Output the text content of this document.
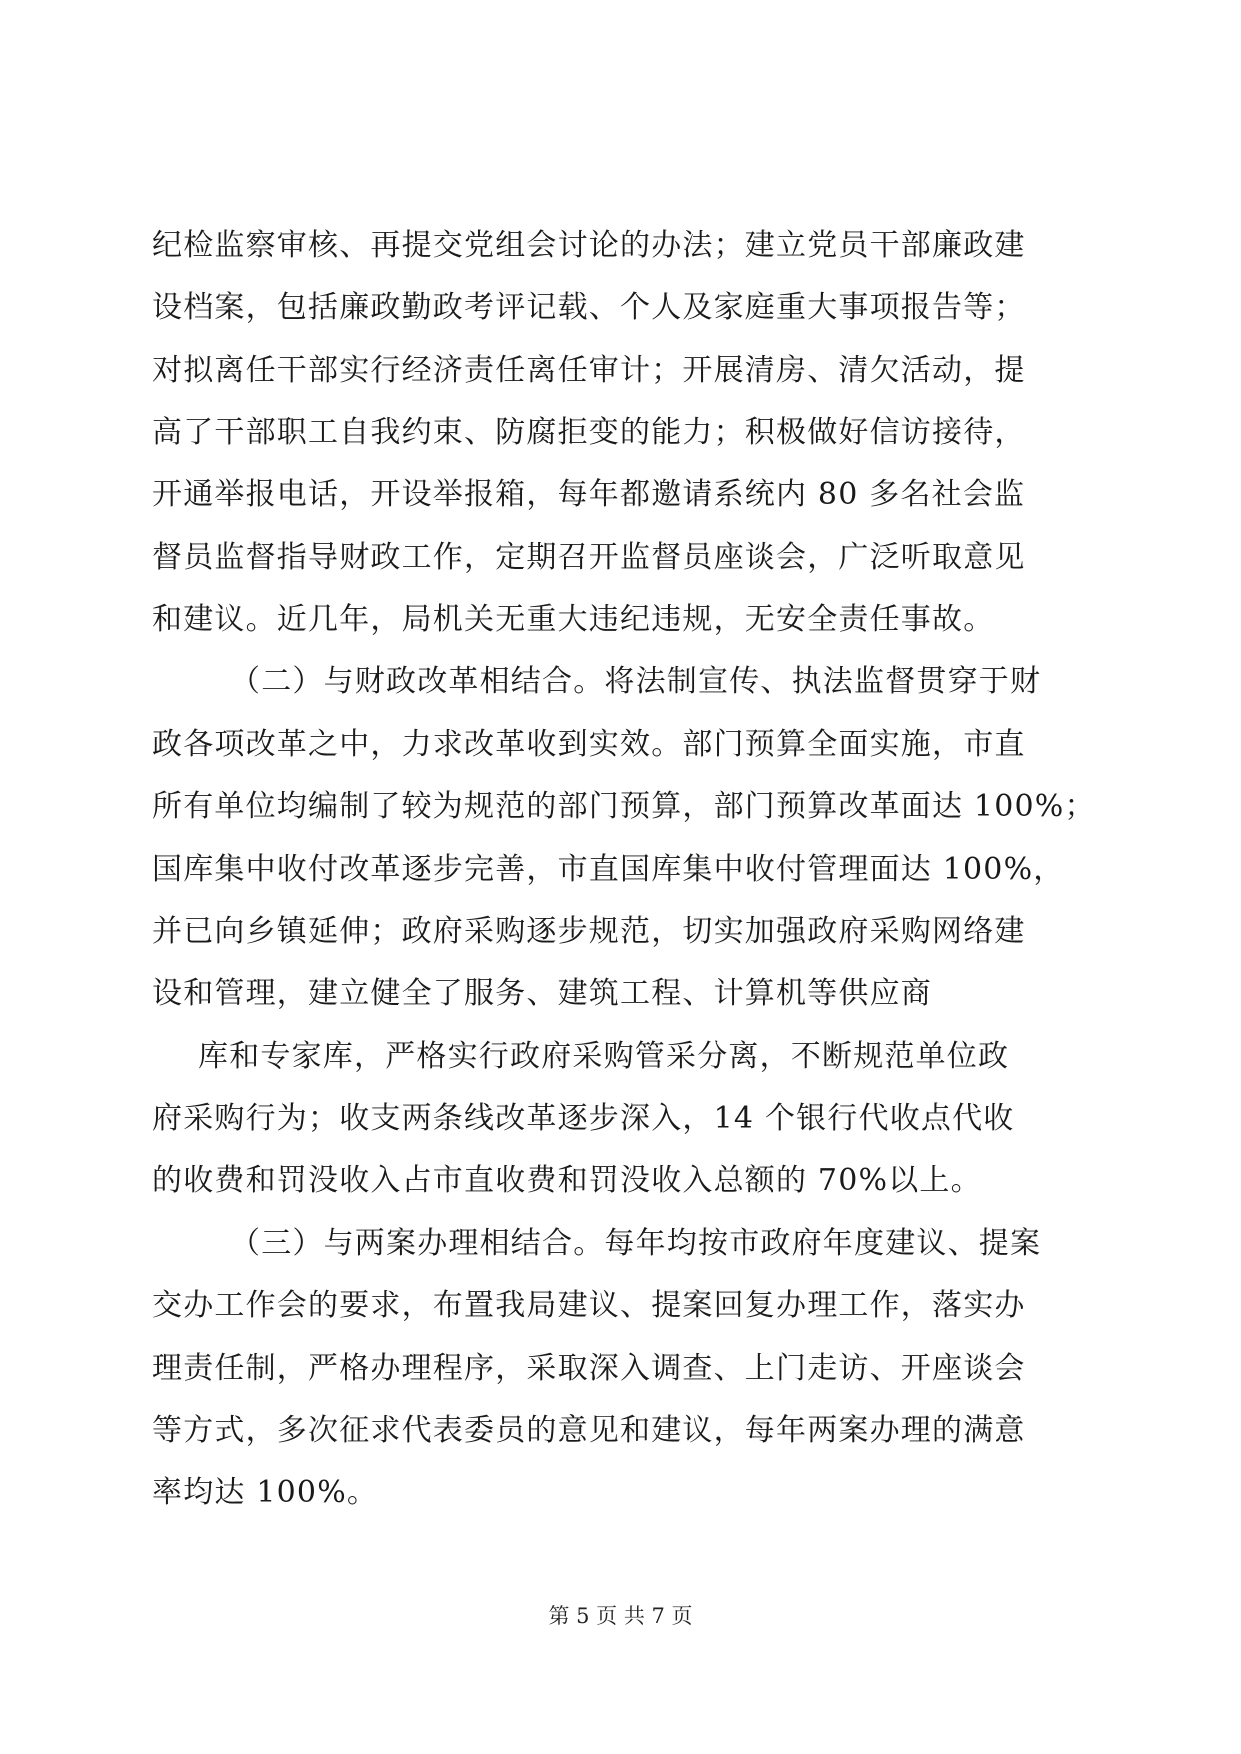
纪检监察审核、再提交党组会讨论的办法；建立党员干部廉政建
设档案，包括廉政勤政考评记载、个人及家庭重大事项报告等；
对拟离任干部实行经济责任离任审计；开展清房、清欠活动，提
高了干部职工自我约束、防腐拒变的能力；积极做好信访接待，
开通举报电话，开设举报箱，每年都邀请系统内 80 多名社会监
督员监督指导财政工作，定期召开监督员座谈会，广泛听取意见
和建议。近几年，局机关无重大违纪违规，无安全责任事故。
（二）与财政改革相结合。将法制宣传、执法监督贯穿于财
政各项改革之中，力求改革收到实效。部门预算全面实施，市直
所有单位均编制了较为规范的部门预算，部门预算改革面达 100%；
国库集中收付改革逐步完善，市直国库集中收付管理面达 100%，
并已向乡镇延伸；政府采购逐步规范，切实加强政府采购网络建
设和管理，建立健全了服务、建筑工程、计算机等供应商
库和专家库，严格实行政府采购管采分离，不断规范单位政
府采购行为；收支两条线改革逐步深入，14 个银行代收点代收
的收费和罚没收入占市直收费和罚没收入总额的 70%以上。
（三）与两案办理相结合。每年均按市政府年度建议、提案
交办工作会的要求，布置我局建议、提案回复办理工作，落实办
理责任制，严格办理程序，采取深入调查、上门走访、开座谈会
等方式，多次征求代表委员的意见和建议，每年两案办理的满意
率均达 100%。
第 5 页 共 7 页
